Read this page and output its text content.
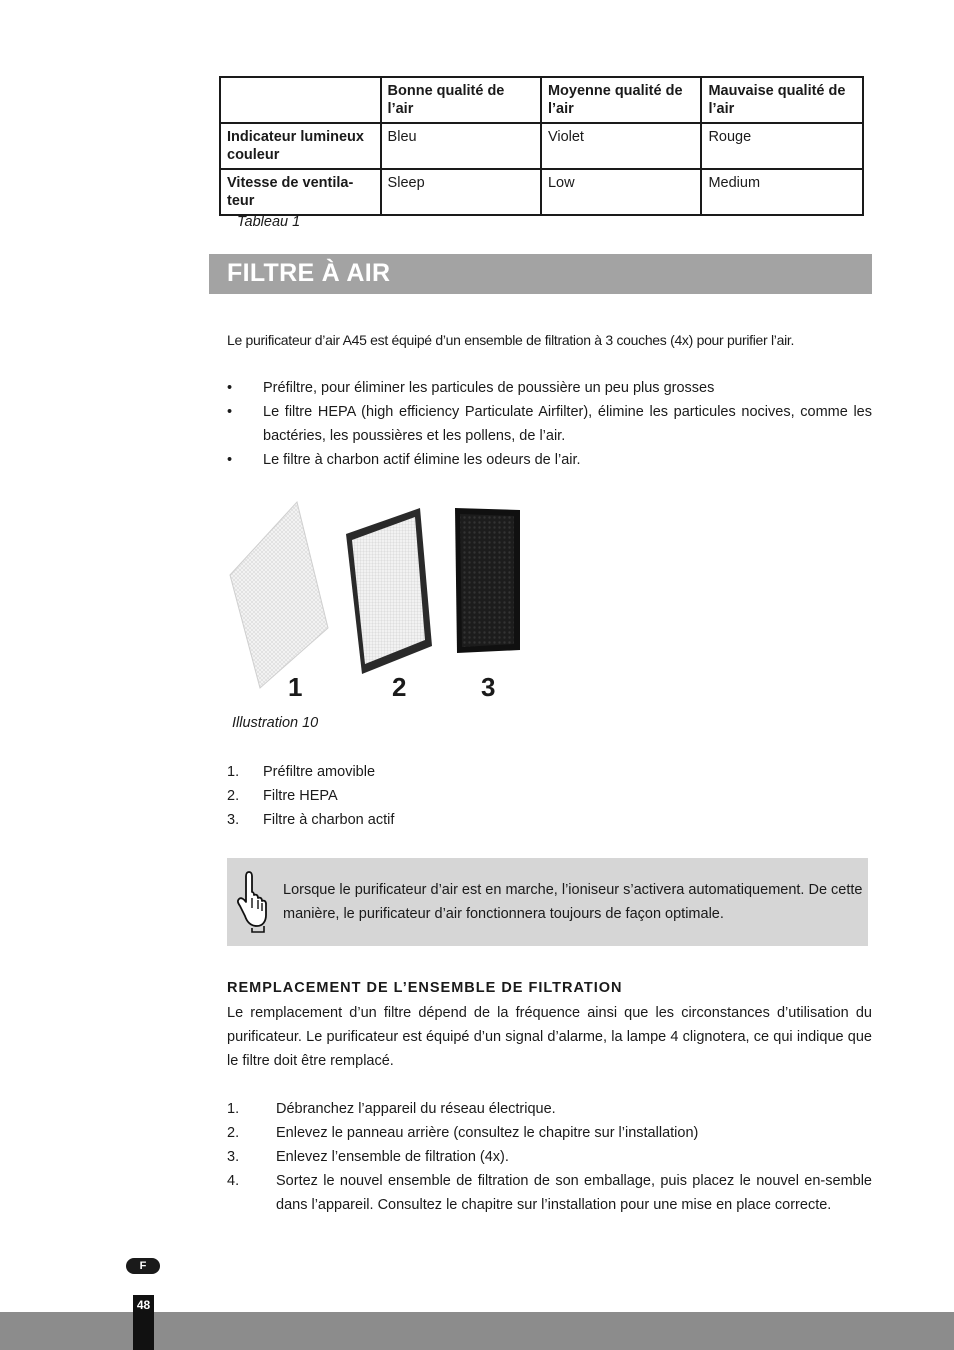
	Bonne qualité de l’air	Moyenne qualité de l’air	Mauvaise qualité de l’air
Indicateur lumineux couleur	Bleu	Violet	Rouge
Vitesse de ventila-teur	Sleep	Low	Medium
Tableau 1
FILTRE À AIR
Le purificateur d’air A45 est équipé d’un ensemble de filtration à 3 couches (4x) pour purifier l’air.
• Préfiltre, pour éliminer les particules de poussière un peu plus grosses
• Le filtre HEPA (high efficiency Particulate Airfilter), élimine les particules nocives, comme les bactéries, les poussières et les pollens, de l’air.
• Le filtre à charbon actif élimine les odeurs de l’air.
1	2	3
Illustration 10
1. Préfiltre amovible
2. Filtre HEPA
3. Filtre à charbon actif
Lorsque le purificateur d’air est en marche, l’ioniseur s’activera automatiquement. De cette manière, le purificateur d’air fonctionnera toujours de façon optimale.
REMPLACEMENT DE L’ENSEMBLE DE FILTRATION
Le remplacement d’un filtre dépend de la fréquence ainsi que les circonstances d’utilisation du purificateur. Le purificateur est équipé d’un signal d’alarme, la lampe 4 clignotera, ce qui indique que le filtre doit être remplacé.
1.	Débranchez l’appareil du réseau électrique.
2.	Enlevez le panneau arrière (consultez le chapitre sur l’installation)
3.	Enlevez l’ensemble de filtration (4x).
4.	Sortez le nouvel ensemble de filtration de son emballage, puis placez le nouvel en-semble dans l’appareil. Consultez le chapitre sur l’installation pour une mise en place correcte.
F
48
